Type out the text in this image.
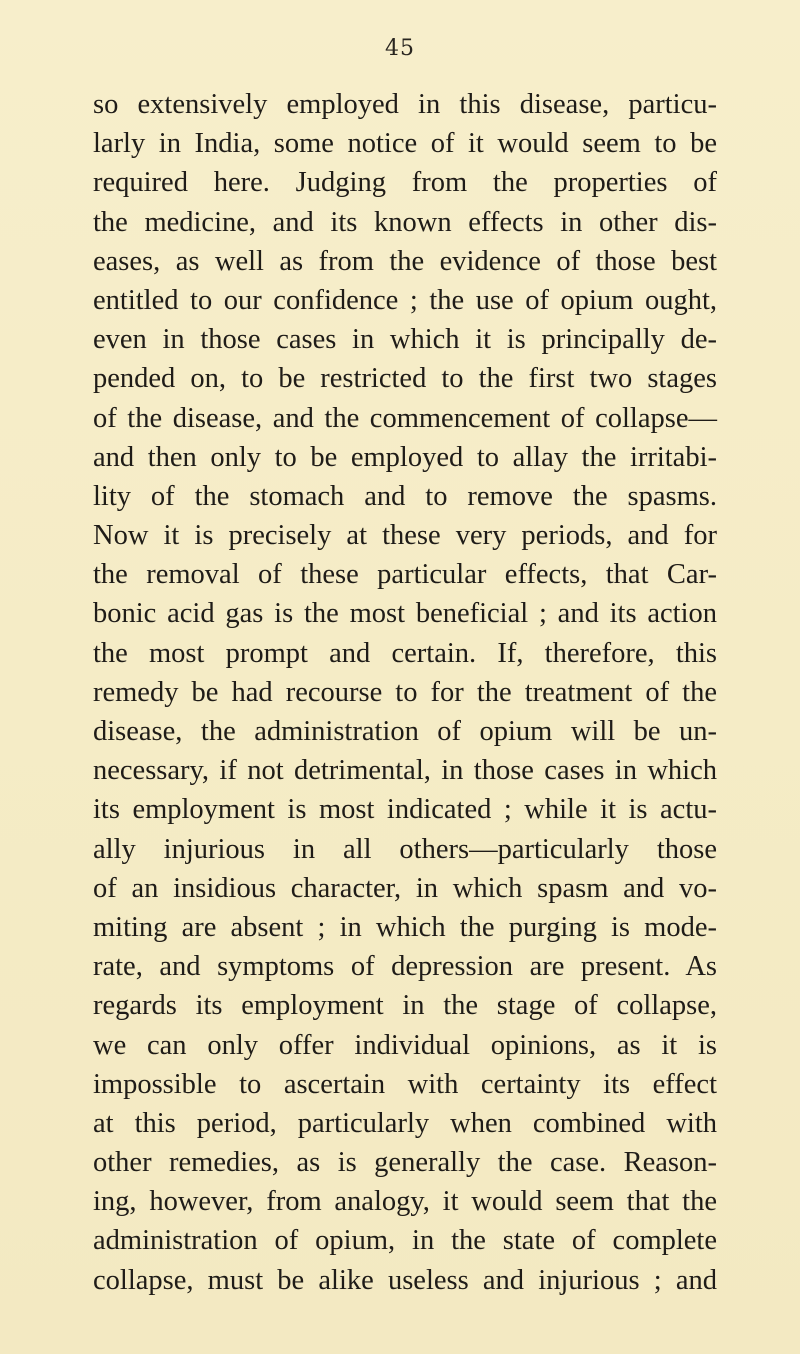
45
so extensively employed in this disease, particu-
larly in India, some notice of it would seem to be
required here. Judging from the properties of
the medicine, and its known effects in other dis-
eases, as well as from the evidence of those best
entitled to our confidence ; the use of opium ought,
even in those cases in which it is principally de-
pended on, to be restricted to the first two stages
of the disease, and the commencement of collapse—
and then only to be employed to allay the irritabi-
lity of the stomach and to remove the spasms.
Now it is precisely at these very periods, and for
the removal of these particular effects, that Car-
bonic acid gas is the most beneficial ; and its action
the most prompt and certain. If, therefore, this
remedy be had recourse to for the treatment of the
disease, the administration of opium will be un-
necessary, if not detrimental, in those cases in which
its employment is most indicated ; while it is actu-
ally injurious in all others—particularly those
of an insidious character, in which spasm and vo-
miting are absent ; in which the purging is mode-
rate, and symptoms of depression are present. As
regards its employment in the stage of collapse,
we can only offer individual opinions, as it is
impossible to ascertain with certainty its effect
at this period, particularly when combined with
other remedies, as is generally the case. Reason-
ing, however, from analogy, it would seem that the
administration of opium, in the state of complete
collapse, must be alike useless and injurious ; and
